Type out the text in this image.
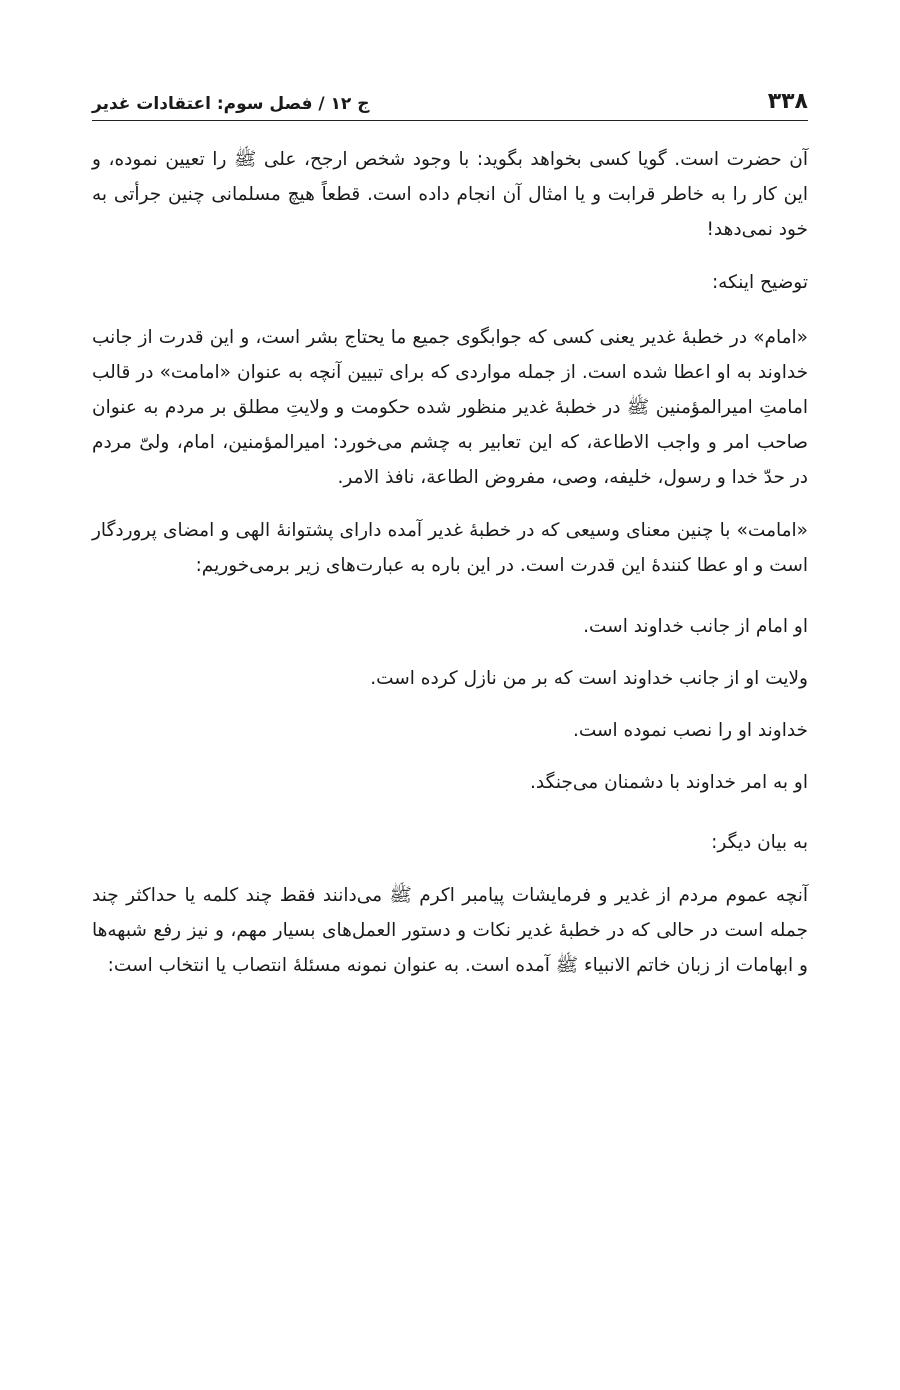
۳۳۸
ج ۱۲ / فصل سوم: اعتقادات غدیر

آن حضرت است. گویا کسی بخواهد بگوید: با وجود شخص ارجح، علی ﷺ را تعیین نموده، و این کار را به خاطر قرابت و یا امثال آن انجام داده است. قطعاً هیچ مسلمانی چنین جرأتی به خود نمی‌دهد!

توضیح اینکه:

«امام» در خطبهٔ غدیر یعنی کسی که جوابگوی جمیع ما یحتاج بشر است، و این قدرت از جانب خداوند به او اعطا شده است. از جمله مواردی که برای تبیین آنچه به عنوان «امامت» در قالب امامتِ امیرالمؤمنین ﷺ در خطبهٔ غدیر منظور شده حکومت و ولایتِ مطلق بر مردم به عنوان صاحب امر و واجب الاطاعة، که این تعابیر به چشم می‌خورد: امیرالمؤمنین، امام، ولیّ مردم در حدّ خدا و رسول، خلیفه، وصی، مفروض الطاعة، نافذ الامر.

«امامت» با چنین معنای وسیعی که در خطبهٔ غدیر آمده دارای پشتوانهٔ الهی و امضای پروردگار است و او عطا کنندهٔ این قدرت است. در این باره به عبارت‌های زیر برمی‌خوریم:

او امام از جانب خداوند است.
ولایت او از جانب خداوند است که بر من نازل کرده است.
خداوند او را نصب نموده است.
او به امر خداوند با دشمنان می‌جنگد.

به بیان دیگر:

آنچه عموم مردم از غدیر و فرمایشات پیامبر اکرم ﷺ می‌دانند فقط چند کلمه یا حداکثر چند جمله است در حالی که در خطبهٔ غدیر نکات و دستور العمل‌های بسیار مهم، و نیز رفع شبهه‌ها و ابهامات از زبان خاتم الانبیاء ﷺ آمده است. به عنوان نمونه مسئلهٔ انتصاب یا انتخاب است:
